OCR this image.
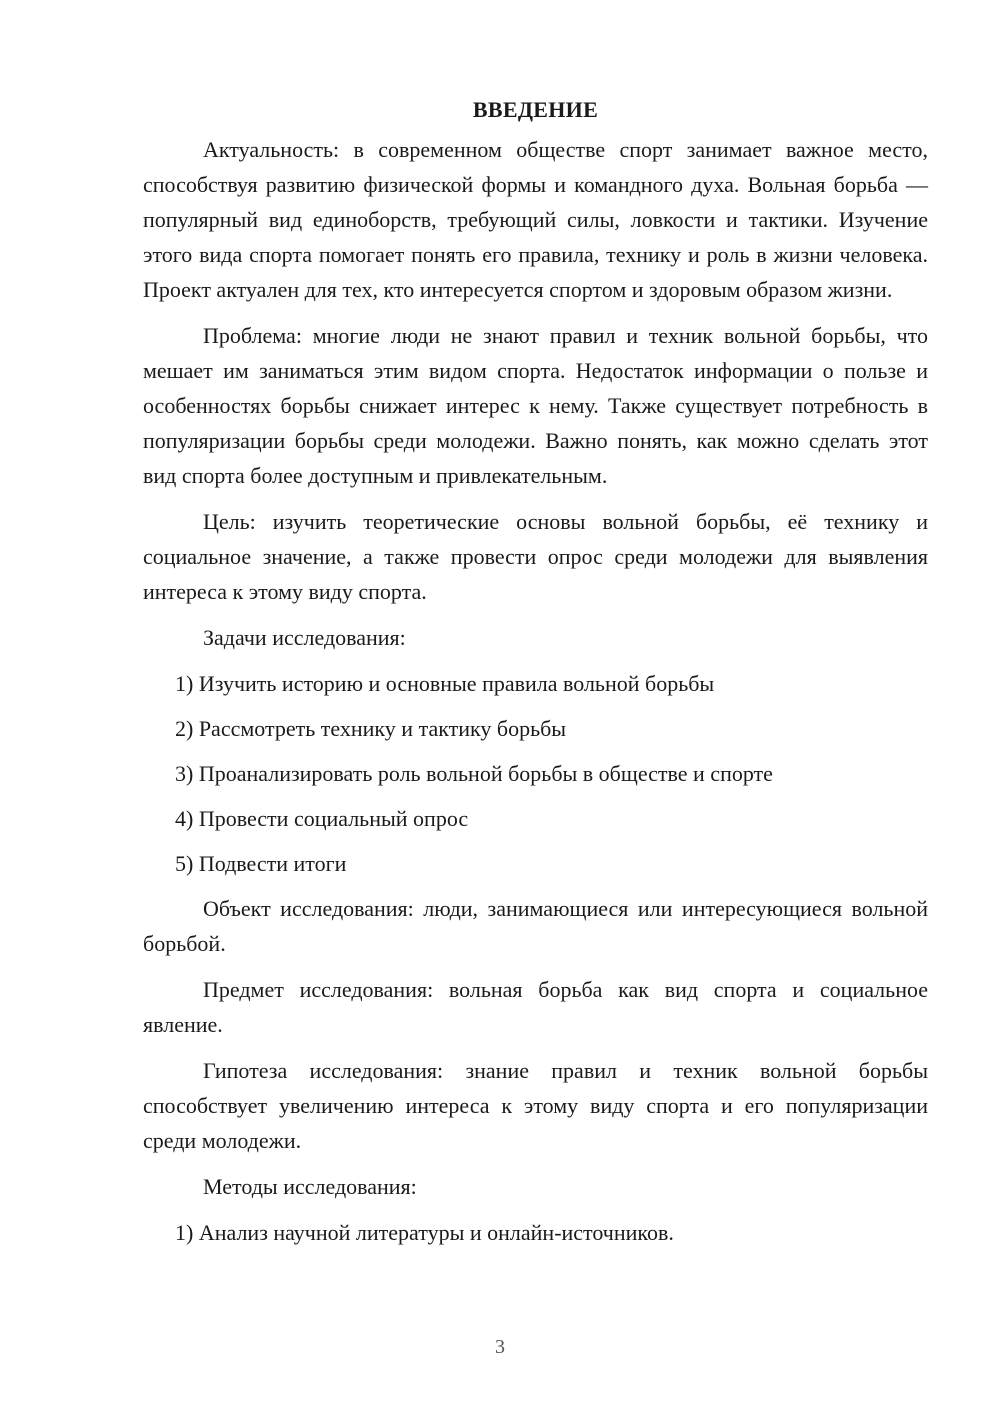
ВВЕДЕНИЕ

Актуальность: в современном обществе спорт занимает важное место, способствуя развитию физической формы и командного духа. Вольная борьба — популярный вид единоборств, требующий силы, ловкости и тактики. Изучение этого вида спорта помогает понять его правила, технику и роль в жизни человека. Проект актуален для тех, кто интересуется спортом и здоровым образом жизни.

Проблема: многие люди не знают правил и техник вольной борьбы, что мешает им заниматься этим видом спорта. Недостаток информации о пользе и особенностях борьбы снижает интерес к нему. Также существует потребность в популяризации борьбы среди молодежи. Важно понять, как можно сделать этот вид спорта более доступным и привлекательным.

Цель: изучить теоретические основы вольной борьбы, её технику и социальное значение, а также провести опрос среди молодежи для выявления интереса к этому виду спорта.

Задачи исследования:

1) Изучить историю и основные правила вольной борьбы
2) Рассмотреть технику и тактику борьбы
3) Проанализировать роль вольной борьбы в обществе и спорте
4) Провести социальный опрос
5) Подвести итоги

Объект исследования: люди, занимающиеся или интересующиеся вольной борьбой.

Предмет исследования: вольная борьба как вид спорта и социальное явление.

Гипотеза исследования: знание правил и техник вольной борьбы способствует увеличению интереса к этому виду спорта и его популяризации среди молодежи.

Методы исследования:

1) Анализ научной литературы и онлайн-источников.
3
